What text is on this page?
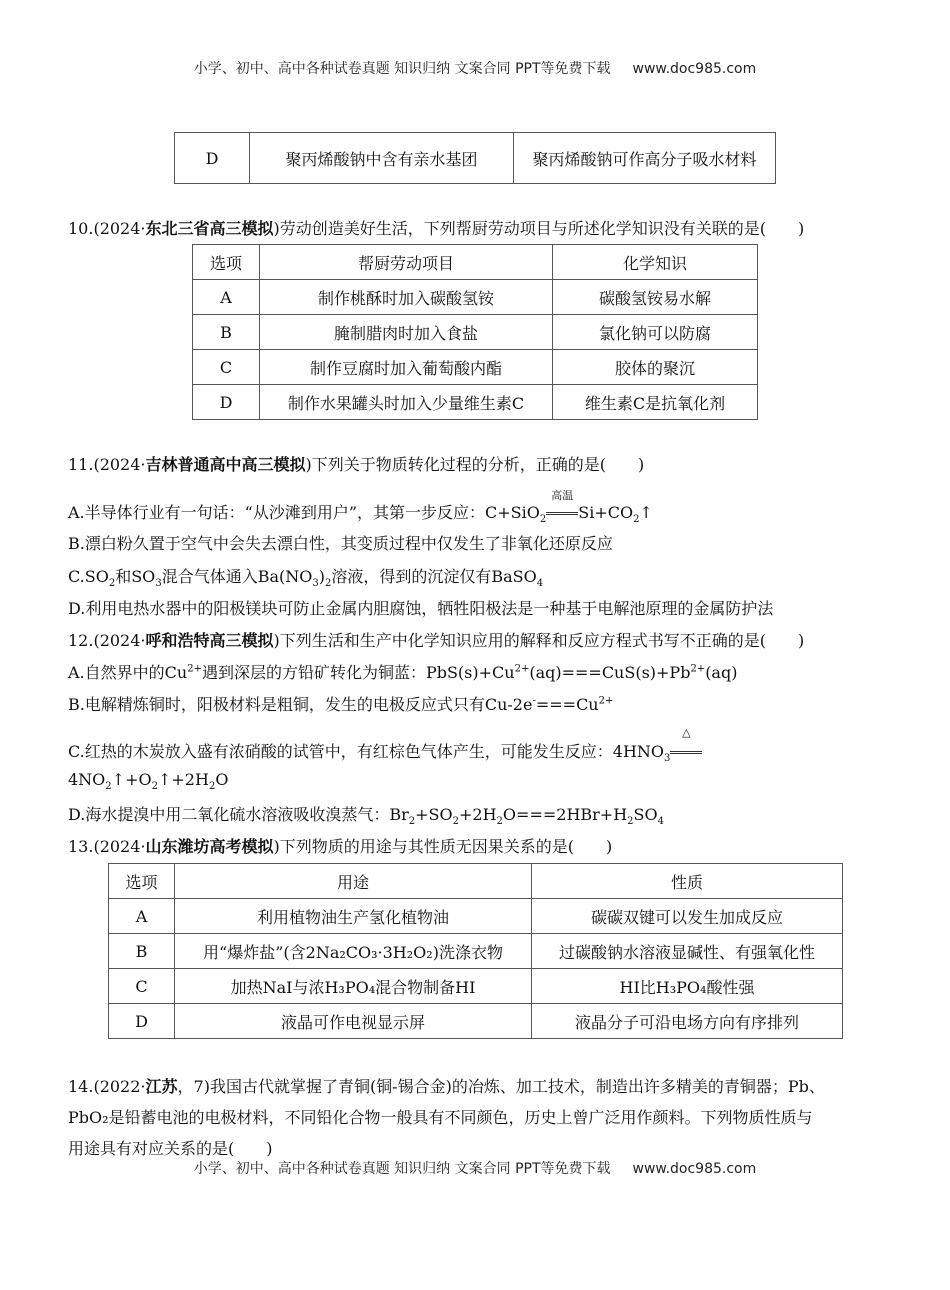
小学、初中、高中各种试卷真题 知识归纳 文案合同 PPT等免费下载 www.doc985.com
D	聚丙烯酸钠中含有亲水基团	聚丙烯酸钠可作高分子吸水材料
10.(2024·东北三省高三模拟)劳动创造美好生活，下列帮厨劳动项目与所述化学知识没有关联的是(　　)
选项	帮厨劳动项目	化学知识
A	制作桃酥时加入碳酸氢铵	碳酸氢铵易水解
B	腌制腊肉时加入食盐	氯化钠可以防腐
C	制作豆腐时加入葡萄酸内酯	胶体的聚沉
D	制作水果罐头时加入少量维生素C	维生素C是抗氧化剂
11.(2024·吉林普通高中高三模拟)下列关于物质转化过程的分析，正确的是(　　)
A.半导体行业有一句话：“从沙滩到用户”，其第一步反应：C+SiO$_2$
高温
$Si+CO_2↑$
B.漂白粉久置于空气中会失去漂白性，其变质过程中仅发生了非氧化还原反应
$C.SO_2$和$SO_3$混合气体通入$Ba(NO_3)_2$溶液，得到的沉淀仅有BaSO$_4$
D.利用电热水器中的阳极镁块可防止金属内胆腐蚀，牺牲阳极法是一种基于电解池原理的金属防护法
12.(2024·呼和浩特高三模拟)下列生活和生产中化学知识应用的解释和反应方程式书写不正确的是(　　)
A.自然界中的$Cu^{2+}$遇到深层的方铅矿转化为铜蓝：$PbS(s)+Cu^{2+}(aq)===CuS(s)+Pb^{2+}(aq)$
B.电解精炼铜时，阳极材料是粗铜，发生的电极反应式只有$Cu-2e^-===Cu^{2+}$
C.红热的木炭放入盛有浓硝酸的试管中，有红棕色气体产生，可能发生反应：$4HNO_3$
△
$4NO_2↑+O_2↑+2H_2O$
D.海水提溴中用二氧化硫水溶液吸收溴蒸气：$Br_2+SO_2+2H_2O===2HBr+H_2SO_4$
13.(2024·山东潍坊高考模拟)下列物质的用途与其性质无因果关系的是(　　)
选项	用途	性质
A	利用植物油生产氢化植物油	碳碳双键可以发生加成反应
B	用“爆炸盐”(含2Na₂CO₃·3H₂O₂)洗涤衣物	过碳酸钠水溶液显碱性、有强氧化性
C	加热NaI与浓H₃PO₄混合物制备HI	HI比H₃PO₄酸性强
D	液晶可作电视显示屏	液晶分子可沿电场方向有序排列
14.(2022·江苏，7)我国古代就掌握了青铜(铜-锡合金)的冶炼、加工技术，制造出许多精美的青铜器；Pb、
PbO₂是铅蓄电池的电极材料，不同铅化合物一般具有不同颜色，历史上曾广泛用作颜料。下列物质性质与
用途具有对应关系的是(　　)
小学、初中、高中各种试卷真题 知识归纳 文案合同 PPT等免费下载 www.doc985.com
